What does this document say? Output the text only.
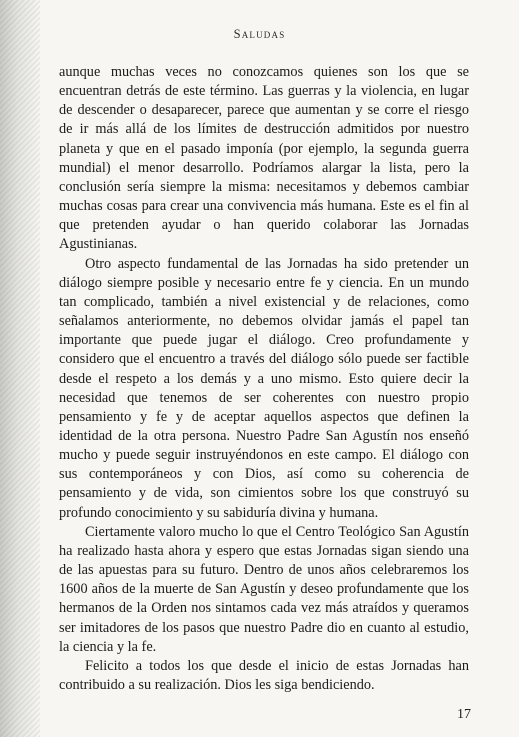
Saludas

aunque muchas veces no conozcamos quienes son los que se encuentran detrás de este término. Las guerras y la violencia, en lugar de descender o desaparecer, parece que aumentan y se corre el riesgo de ir más allá de los límites de destrucción admitidos por nuestro planeta y que en el pasado imponía (por ejemplo, la segunda guerra mundial) el menor desarrollo. Podríamos alargar la lista, pero la conclusión sería siempre la misma: necesitamos y debemos cambiar muchas cosas para crear una convivencia más humana. Este es el fin al que pretenden ayudar o han querido colaborar las Jornadas Agustinianas.

Otro aspecto fundamental de las Jornadas ha sido pretender un diálogo siempre posible y necesario entre fe y ciencia. En un mundo tan complicado, también a nivel existencial y de relaciones, como señalamos anteriormente, no debemos olvidar jamás el papel tan importante que puede jugar el diálogo. Creo profundamente y considero que el encuentro a través del diálogo sólo puede ser factible desde el respeto a los demás y a uno mismo. Esto quiere decir la necesidad que tenemos de ser coherentes con nuestro propio pensamiento y fe y de aceptar aquellos aspectos que definen la identidad de la otra persona. Nuestro Padre San Agustín nos enseñó mucho y puede seguir instruyéndonos en este campo. El diálogo con sus contemporáneos y con Dios, así como su coherencia de pensamiento y de vida, son cimientos sobre los que construyó su profundo conocimiento y su sabiduría divina y humana.

Ciertamente valoro mucho lo que el Centro Teológico San Agustín ha realizado hasta ahora y espero que estas Jornadas sigan siendo una de las apuestas para su futuro. Dentro de unos años celebraremos los 1600 años de la muerte de San Agustín y deseo profundamente que los hermanos de la Orden nos sintamos cada vez más atraídos y queramos ser imitadores de los pasos que nuestro Padre dio en cuanto al estudio, la ciencia y la fe.

Felicito a todos los que desde el inicio de estas Jornadas han contribuido a su realización. Dios les siga bendiciendo.

17
